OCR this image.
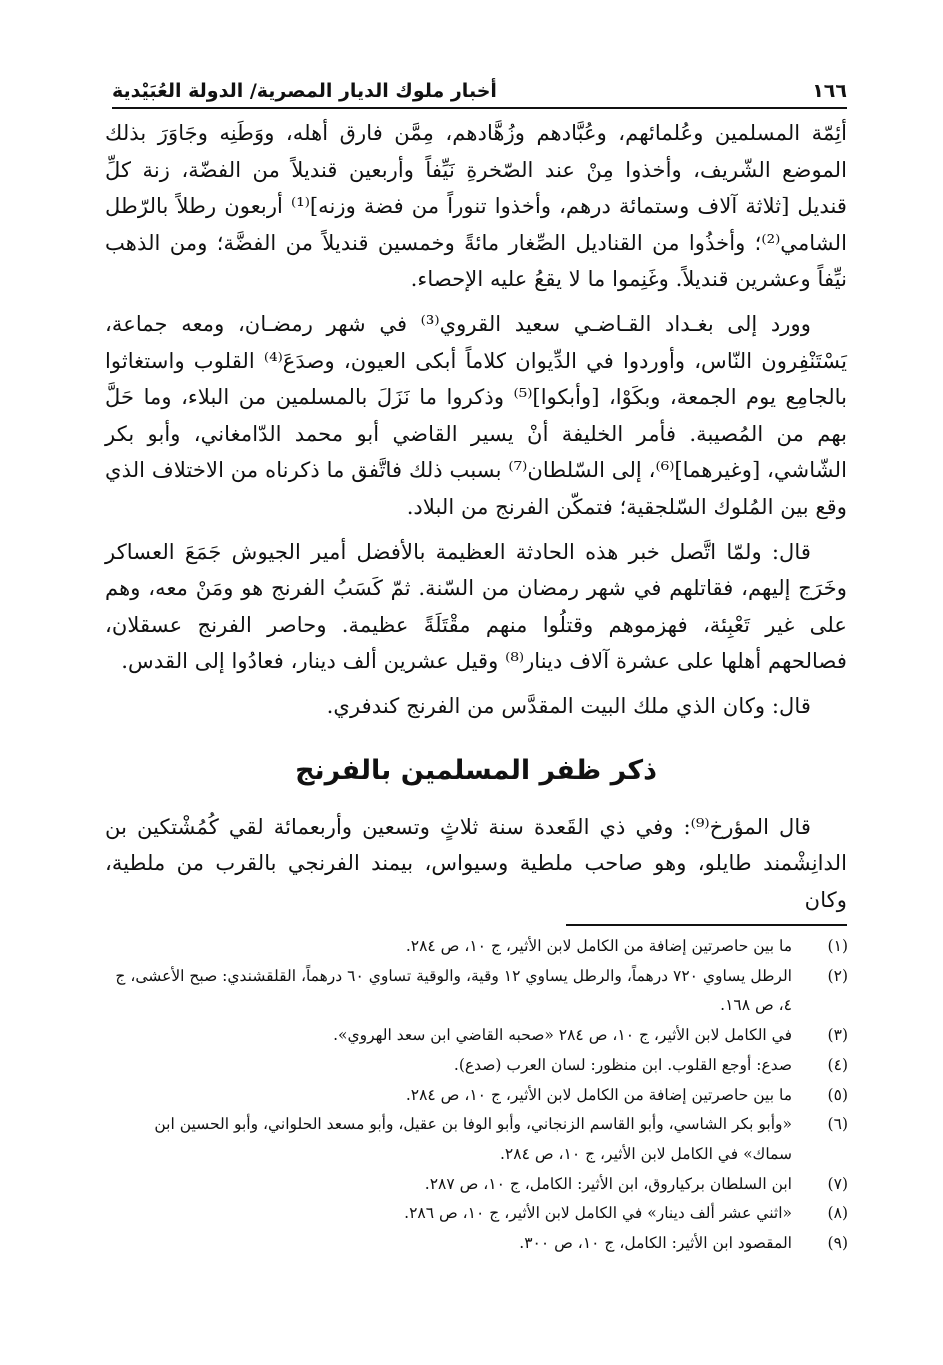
١٦٦
أخبار ملوك الديار المصرية/ الدولة العُبَيْدية

أئِمّة المسلمين وعُلمائهم، وعُبَّادهم وزُهَّادهم، مِمَّن فارق أهله، ووَطَنِه وجَاوَرَ بذلك الموضع الشّريف، وأخذوا مِنْ عند الصّخرةِ نَيِّفاً وأربعين قنديلاً من الفضّة، زنة كلِّ قنديل [ثلاثة آلاف وستمائة درهم، وأخذوا تنوراً من فضة وزنه]⁽¹⁾ أربعون رطلاً بالرّطل الشامي⁽²⁾؛ وأخذُوا من القناديل الصِّغار مائةً وخمسين قنديلاً من الفضَّة؛ ومن الذهب نيِّفاً وعشرين قنديلاً. وغَنِموا ما لا يقعُ عليه الإحصاء.

وورد إلى بغـداد القـاضـي سعيد القروي⁽³⁾ في شهر رمضـان، ومعه جماعة، يَسْتَنْفِرون النّاس، وأوردوا في الدِّيوان كلاماً أبكى العيون، وصدَعَ⁽⁴⁾ القلوب واستغاثوا بالجامِع يوم الجمعة، وبكَوْا، [وأبكوا]⁽⁵⁾ وذكروا ما نَزَلَ بالمسلمين من البلاء، وما حَلَّ بهم من المُصيبة. فأمر الخليفة أنْ يسير القاضي أبو محمد الدّامغاني، وأبو بكر الشّاشي، [وغيرهما]⁽⁶⁾، إلى السّلطان⁽⁷⁾ بسبب ذلك فاتَّفق ما ذكرناه من الاختلاف الذي وقع بين المُلوك السّلجقية؛ فتمكّن الفرنج من البلاد.

قال: ولمّا اتَّصل خبر هذه الحادثة العظيمة بالأفضل أمير الجيوش جَمَعَ العساكر وخَرَج إليهم، فقاتلهم في شهر رمضان من السّنة. ثمّ كَسَبُ الفرنج هو ومَنْ معه، وهم على غير تَعْبِئة، فهزموهم وقتلُوا منهم مقْتَلَةً عظيمة. وحاصر الفرنج عسقلان، فصالحهم أهلها على عشرة آلاف دينار⁽⁸⁾ وقيل عشرين ألف دينار، فعادُوا إلى القدس.

قال: وكان الذي ملك البيت المقدَّس من الفرنج كندفري.

ذكر ظفر المسلمين بالفرنج

قال المؤرخ⁽⁹⁾: وفي ذي القَعدة سنة ثلاثٍ وتسعين وأربعمائة لقي كُمُشْتكين بن الدانِشْمند طايلو، وهو صاحب ملطية وسيواس، بيمند الفرنجي بالقرب من ملطية، وكان

(١)
ما بين حاصرتين إضافة من الكامل لابن الأثير، ج ١٠، ص ٢٨٤.
(٢)
الرطل يساوي ٧٢٠ درهماً، والرطل يساوي ١٢ وقية، والوقية تساوي ٦٠ درهماً، القلقشندي: صبح الأعشى، ج ٤، ص ١٦٨.
(٣)
في الكامل لابن الأثير، ج ١٠، ص ٢٨٤ «صحبه القاضي ابن سعد الهروي».
(٤)
صدع: أوجع القلوب. ابن منظور: لسان العرب (صدع).
(٥)
ما بين حاصرتين إضافة من الكامل لابن الأثير، ج ١٠، ص ٢٨٤.
(٦)
«وأبو بكر الشاسي، وأبو القاسم الزنجاني، وأبو الوفا بن عقيل، وأبو مسعد الحلواني، وأبو الحسين ابن سماك» في الكامل لابن الأثير، ج ١٠، ص ٢٨٤.
(٧)
ابن السلطان بركياروق، ابن الأثير: الكامل، ج ١٠، ص ٢٨٧.
(٨)
«اثني عشر ألف دينار» في الكامل لابن الأثير، ج ١٠، ص ٢٨٦.
(٩)
المقصود ابن الأثير: الكامل، ج ١٠، ص ٣٠٠.
